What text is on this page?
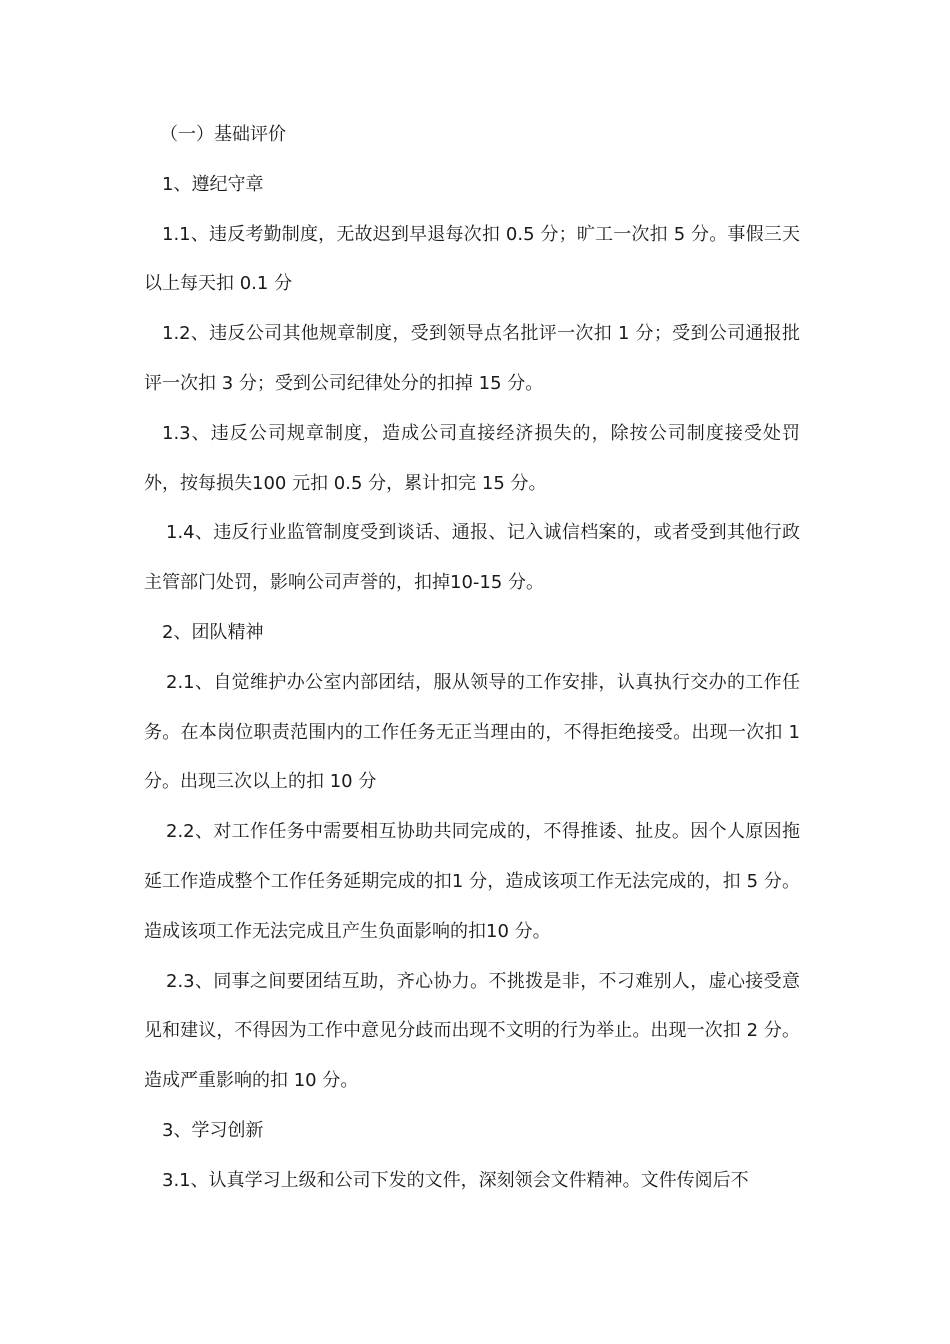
（一）基础评价

1、遵纪守章

1.1、违反考勤制度，无故迟到早退每次扣 0.5 分；旷工一次扣 5 分。事假三天以上每天扣 0.1 分

1.2、违反公司其他规章制度，受到领导点名批评一次扣 1 分；受到公司通报批评一次扣 3 分；受到公司纪律处分的扣掉 15 分。

1.3、违反公司规章制度，造成公司直接经济损失的，除按公司制度接受处罚外，按每损失100 元扣 0.5 分，累计扣完 15 分。

1.4、违反行业监管制度受到谈话、通报、记入诚信档案的，或者受到其他行政主管部门处罚，影响公司声誉的，扣掉10-15 分。

2、团队精神

2.1、自觉维护办公室内部团结，服从领导的工作安排，认真执行交办的工作任务。在本岗位职责范围内的工作任务无正当理由的，不得拒绝接受。出现一次扣 1 分。出现三次以上的扣 10 分

2.2、对工作任务中需要相互协助共同完成的，不得推诿、扯皮。因个人原因拖延工作造成整个工作任务延期完成的扣1 分，造成该项工作无法完成的，扣 5 分。造成该项工作无法完成且产生负面影响的扣10 分。

2.3、同事之间要团结互助，齐心协力。不挑拨是非，不刁难别人，虚心接受意见和建议，不得因为工作中意见分歧而出现不文明的行为举止。出现一次扣 2 分。造成严重影响的扣 10 分。

3、学习创新

3.1、认真学习上级和公司下发的文件，深刻领会文件精神。文件传阅后不
